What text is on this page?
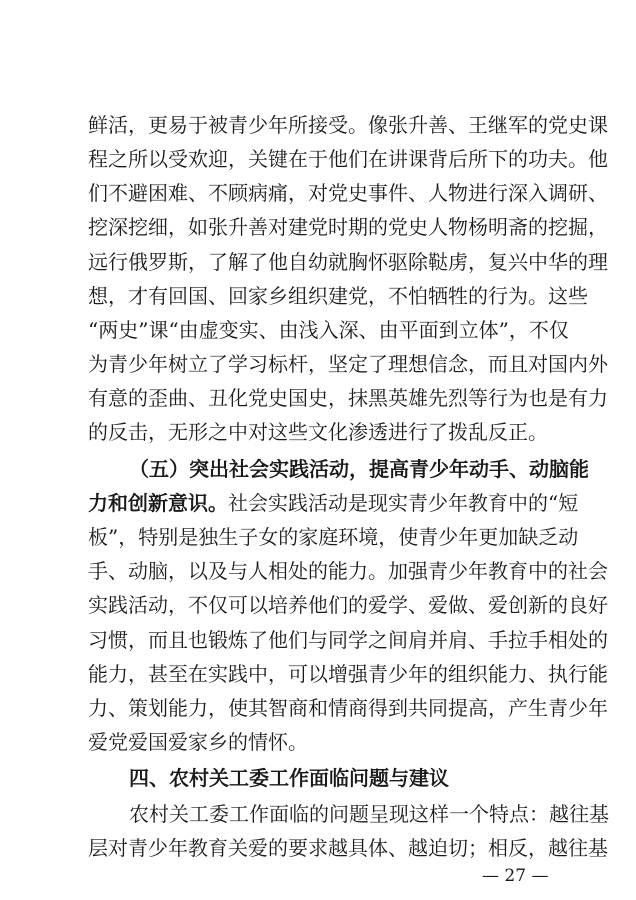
鲜活，更易于被青少年所接受。像张升善、王继军的党史课
程之所以受欢迎，关键在于他们在讲课背后所下的功夫。他
们不避困难、不顾病痛，对党史事件、人物进行深入调研、
挖深挖细，如张升善对建党时期的党史人物杨明斋的挖掘，
远行俄罗斯，了解了他自幼就胸怀驱除鞑虏，复兴中华的理
想，才有回国、回家乡组织建党，不怕牺牲的行为。这些
“两史”课“由虚变实、由浅入深、由平面到立体”，不仅
为青少年树立了学习标杆，坚定了理想信念，而且对国内外
有意的歪曲、丑化党史国史，抹黑英雄先烈等行为也是有力
的反击，无形之中对这些文化渗透进行了拨乱反正。
（五）突出社会实践活动，提高青少年动手、动脑能
力和创新意识。社会实践活动是现实青少年教育中的“短
板”，特别是独生子女的家庭环境，使青少年更加缺乏动
手、动脑，以及与人相处的能力。加强青少年教育中的社会
实践活动，不仅可以培养他们的爱学、爱做、爱创新的良好
习惯，而且也锻炼了他们与同学之间肩并肩、手拉手相处的
能力，甚至在实践中，可以增强青少年的组织能力、执行能
力、策划能力，使其智商和情商得到共同提高，产生青少年
爱党爱国爱家乡的情怀。
四、农村关工委工作面临问题与建议
农村关工委工作面临的问题呈现这样一个特点：越往基
层对青少年教育关爱的要求越具体、越迫切；相反，越往基
— 27 —
